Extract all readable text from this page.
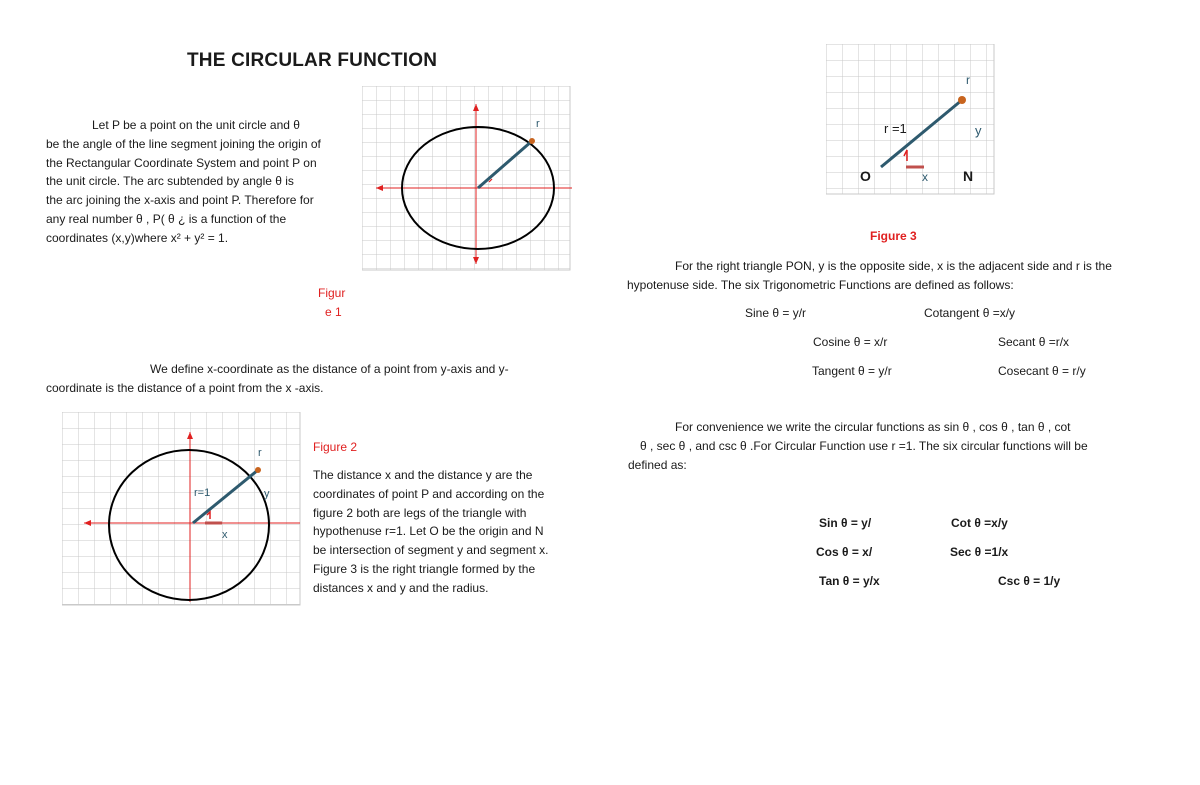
THE CIRCULAR FUNCTION
Let P be a point on the unit circle and θ
be the angle of the line segment joining the origin of
the Rectangular Coordinate System and point P on
the unit circle. The arc subtended by angle θ is
the arc joining the x-axis and point P. Therefore for
any real number θ , P( θ ¿ is a function of the
coordinates (x,y)where x² + y² = 1.
r
Figur
e 1
We define x-coordinate as the distance of a point from y-axis and y-
coordinate is the distance of a point from the x -axis.
r=1
x
y
r	Figure 2
The distance x and the distance y are the
coordinates of point P and according on the
figure 2 both are legs of the triangle with
hypothenuse r=1. Let O be the origin and N
be intersection of segment y and segment x.
Figure 3 is the right triangle formed by the
distances x and y and the radius.
r =1	y
x
O	N
r
Figure 3
For the right triangle PON, y is the opposite side, x is the adjacent side and r is the
hypotenuse side. The six Trigonometric Functions are defined as follows:
Sine θ = y/r	Cotangent θ =x/y
Cosine θ = x/r	Secant θ =r/x
Tangent θ = y/r	Cosecant θ = r/y
For convenience we write the circular functions as sin θ , cos θ , tan θ , cot
θ , sec θ , and csc θ .For Circular Function use r =1. The six circular functions will be
defined as:
Sin θ = y/	Cot θ =x/y
Cos θ = x/	Sec θ =1/x
Tan θ = y/x	Csc θ = 1/y
